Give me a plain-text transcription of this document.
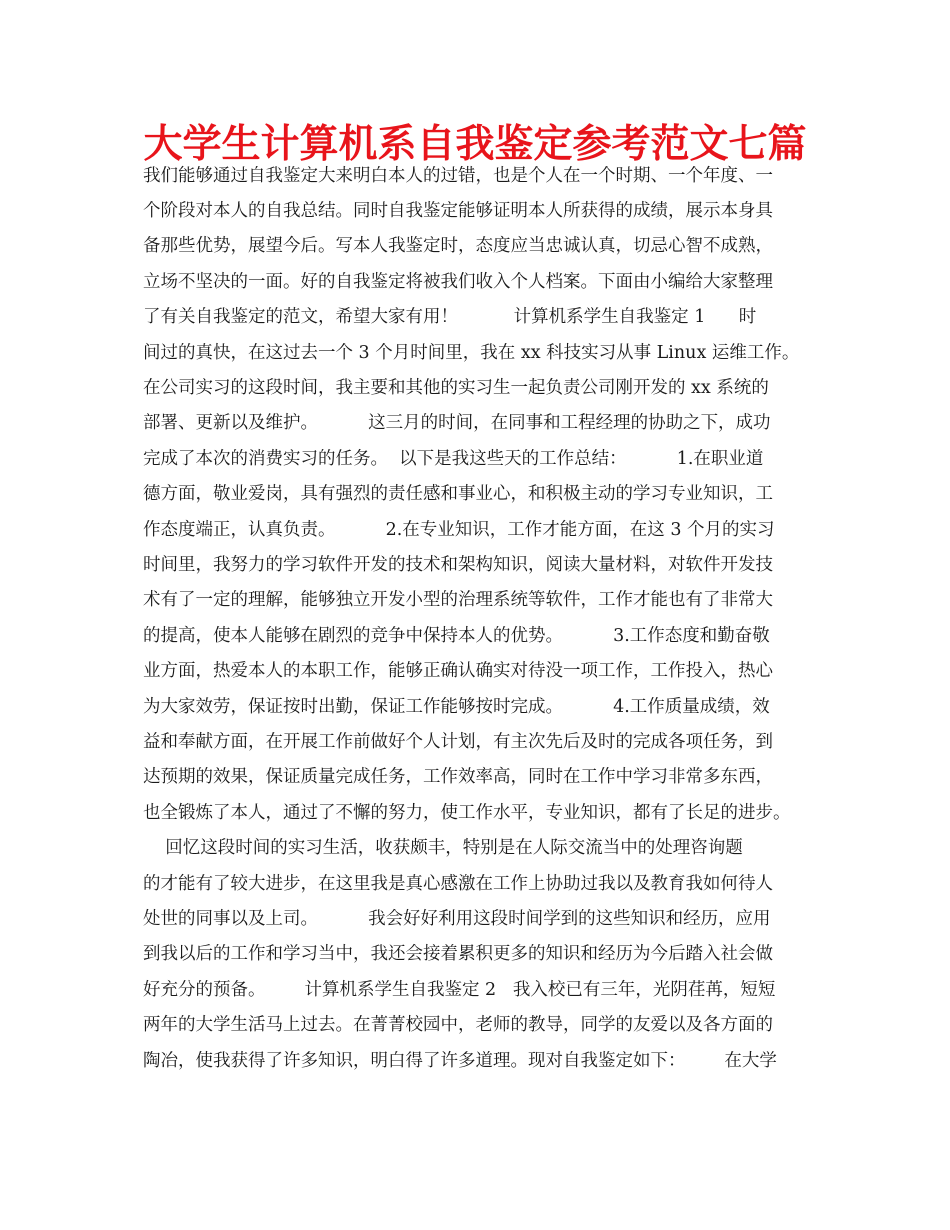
大学生计算机系自我鉴定参考范文七篇
我们能够通过自我鉴定大来明白本人的过错，也是个人在一个时期、一个年度、一
个阶段对本人的自我总结。同时自我鉴定能够证明本人所获得的成绩，展示本身具
备那些优势，展望今后。写本人我鉴定时，态度应当忠诚认真，切忌心智不成熟，
立场不坚决的一面。好的自我鉴定将被我们收入个人档案。下面由小编给大家整理
了有关自我鉴定的范文，希望大家有用！          计算机系学生自我鉴定 1      时
间过的真快，在这过去一个 3 个月时间里，我在 xx 科技实习从事 Linux 运维工作。
在公司实习的这段时间，我主要和其他的实习生一起负责公司刚开发的 xx 系统的
部署、更新以及维护。         这三月的时间，在同事和工程经理的协助之下，成功
完成了本次的消费实习的任务。  以下是我这些天的工作总结：         1.在职业道
德方面，敬业爱岗，具有强烈的责任感和事业心，和积极主动的学习专业知识，工
作态度端正，认真负责。         2.在专业知识，工作才能方面，在这 3 个月的实习
时间里，我努力的学习软件开发的技术和架构知识，阅读大量材料，对软件开发技
术有了一定的理解，能够独立开发小型的治理系统等软件，工作才能也有了非常大
的提高，使本人能够在剧烈的竞争中保持本人的优势。         3.工作态度和勤奋敬
业方面，热爱本人的本职工作，能够正确认确实对待没一项工作，工作投入，热心
为大家效劳，保证按时出勤，保证工作能够按时完成。         4.工作质量成绩，效
益和奉献方面，在开展工作前做好个人计划，有主次先后及时的完成各项任务，到
达预期的效果，保证质量完成任务，工作效率高，同时在工作中学习非常多东西，
也全锻炼了本人，通过了不懈的努力，使工作水平，专业知识，都有了长足的进步。
回忆这段时间的实习生活，收获颇丰，特别是在人际交流当中的处理咨询题
的才能有了较大进步，在这里我是真心感激在工作上协助过我以及教育我如何待人
处世的同事以及上司。         我会好好利用这段时间学到的这些知识和经历，应用
到我以后的工作和学习当中，我还会接着累积更多的知识和经历为今后踏入社会做
好充分的预备。       计算机系学生自我鉴定 2   我入校已有三年，光阴荏苒，短短
两年的大学生活马上过去。在菁菁校园中，老师的教导，同学的友爱以及各方面的
陶冶，使我获得了许多知识，明白得了许多道理。现对自我鉴定如下：       在大学
